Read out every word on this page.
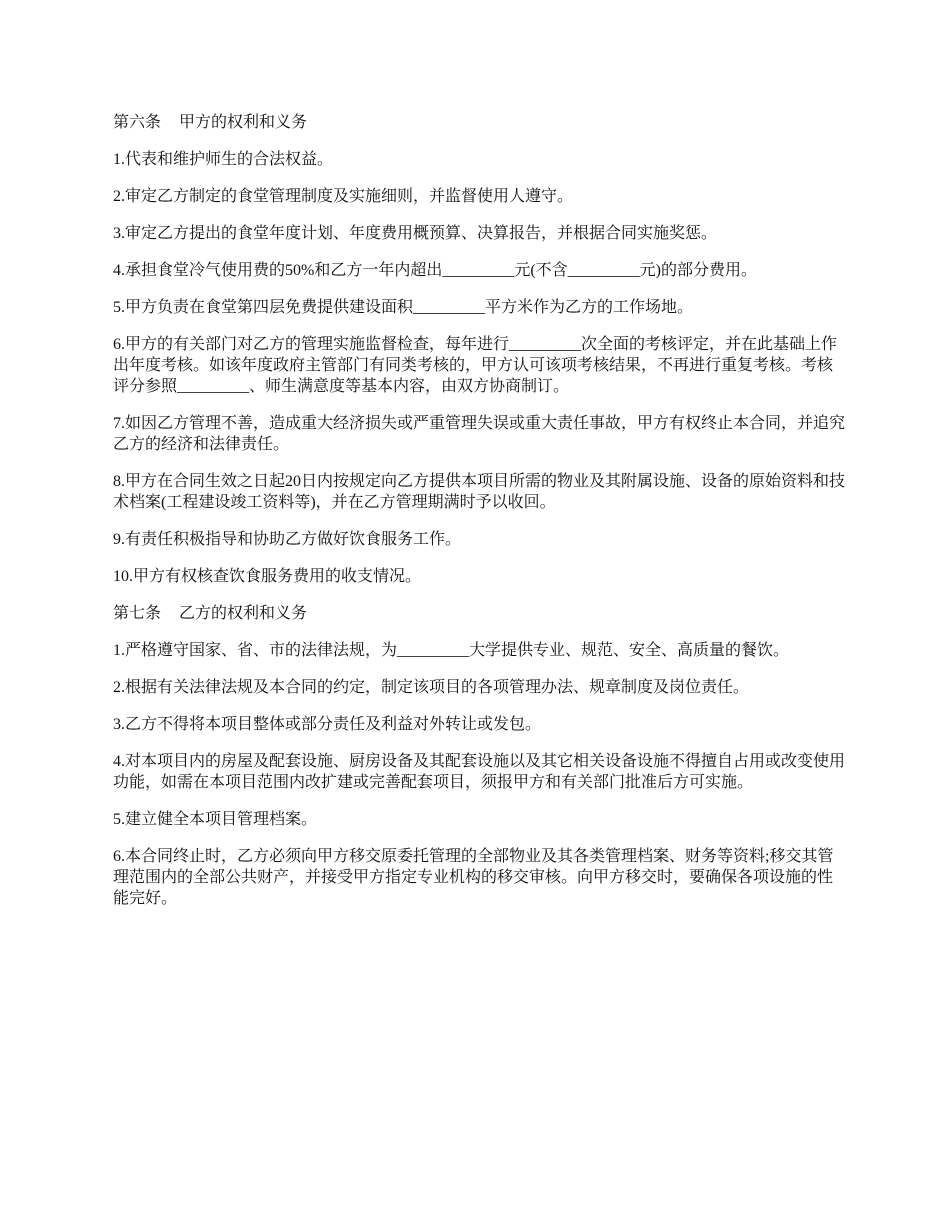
第六条 甲方的权利和义务

1.代表和维护师生的合法权益。

2.审定乙方制定的食堂管理制度及实施细则，并监督使用人遵守。

3.审定乙方提出的食堂年度计划、年度费用概预算、决算报告，并根据合同实施奖惩。

4.承担食堂冷气使用费的50%和乙方一年内超出_________元(不含_________元)的部分费用。

5.甲方负责在食堂第四层免费提供建设面积_________平方米作为乙方的工作场地。

6.甲方的有关部门对乙方的管理实施监督检查，每年进行_________次全面的考核评定，并在此基础上作出年度考核。如该年度政府主管部门有同类考核的，甲方认可该项考核结果，不再进行重复考核。考核评分参照_________、师生满意度等基本内容，由双方协商制订。

7.如因乙方管理不善，造成重大经济损失或严重管理失误或重大责任事故，甲方有权终止本合同，并追究乙方的经济和法律责任。

8.甲方在合同生效之日起20日内按规定向乙方提供本项目所需的物业及其附属设施、设备的原始资料和技术档案(工程建设竣工资料等)，并在乙方管理期满时予以收回。

9.有责任积极指导和协助乙方做好饮食服务工作。

10.甲方有权核查饮食服务费用的收支情况。

第七条 乙方的权利和义务

1.严格遵守国家、省、市的法律法规，为_________大学提供专业、规范、安全、高质量的餐饮。

2.根据有关法律法规及本合同的约定，制定该项目的各项管理办法、规章制度及岗位责任。

3.乙方不得将本项目整体或部分责任及利益对外转让或发包。

4.对本项目内的房屋及配套设施、厨房设备及其配套设施以及其它相关设备设施不得擅自占用或改变使用功能，如需在本项目范围内改扩建或完善配套项目，须报甲方和有关部门批准后方可实施。

5.建立健全本项目管理档案。

6.本合同终止时，乙方必须向甲方移交原委托管理的全部物业及其各类管理档案、财务等资料;移交其管理范围内的全部公共财产，并接受甲方指定专业机构的移交审核。向甲方移交时，要确保各项设施的性能完好。
